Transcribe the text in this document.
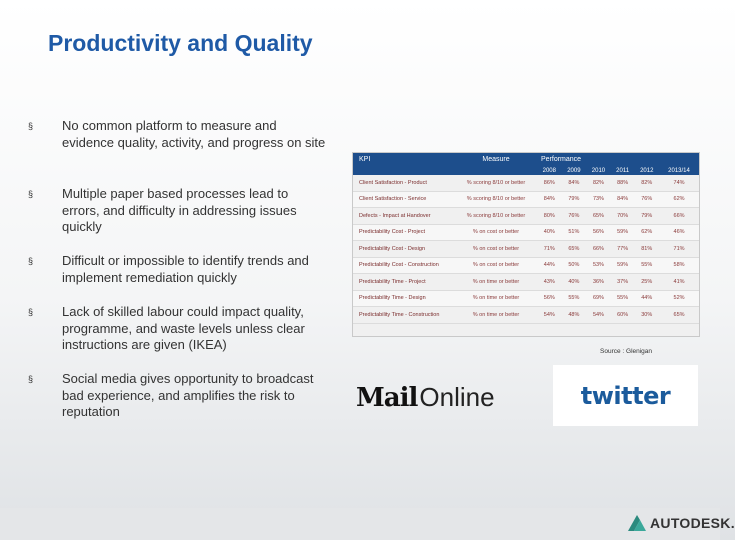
Productivity and Quality
§	No common platform to measure and evidence quality, activity, and progress on site
§	Multiple paper based processes lead to errors, and difficulty in addressing issues quickly
§	Difficult or impossible to identify trends and implement remediation quickly
§	Lack of skilled labour could impact quality, programme, and waste levels unless clear instructions are given (IKEA)
§	Social media gives opportunity to broadcast bad experience, and amplifies the risk to reputation
KPI	Measure	Performance					
		2008	2009	2010	2011	2012	2013/14
Client Satisfaction - Product	% scoring 8/10 or better	86%	84%	82%	88%	82%	74%
Client Satisfaction - Service	% scoring 8/10 or better	84%	79%	73%	84%	76%	62%
Defects - Impact at Handover	% scoring 8/10 or better	80%	76%	65%	70%	79%	66%
Predictability Cost - Project	% on cost or better	40%	51%	56%	59%	62%	46%
Predictability Cost - Design	% on cost or better	71%	65%	66%	77%	81%	71%
Predictability Cost - Construction	% on cost or better	44%	50%	53%	59%	55%	58%
Predictability Time - Project	% on time or better	43%	40%	36%	37%	25%	41%
Predictability Time - Design	% on time or better	56%	55%	69%	55%	44%	52%
Predictability Time - Construction	% on time or better	54%	48%	54%	60%	30%	65%
Source : Glenigan
Mail Online	twitter
AUTODESK.
